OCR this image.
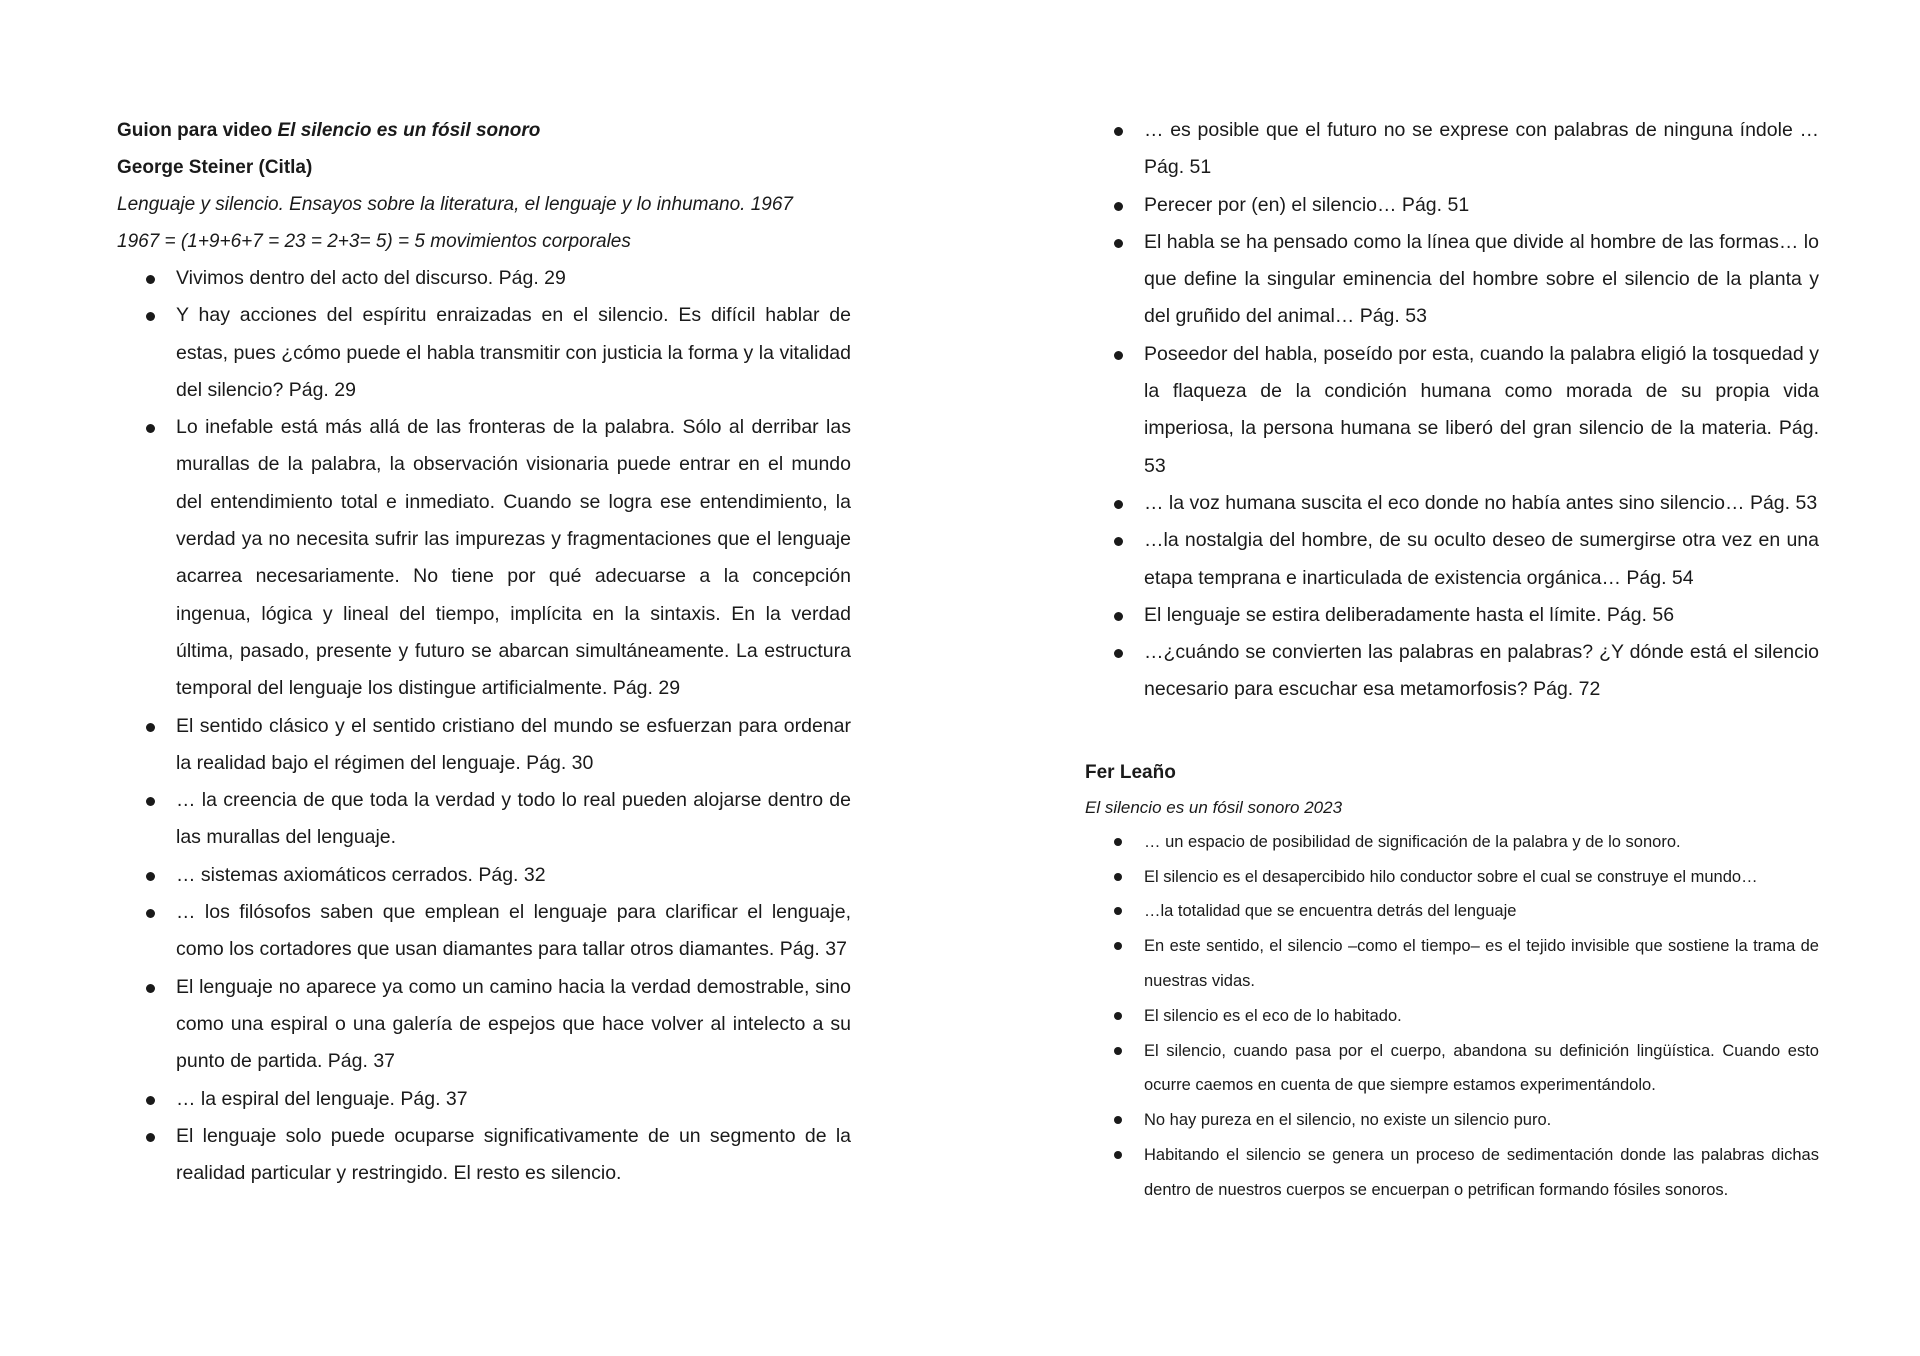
Guion para video El silencio es un fósil sonoro

George Steiner (Citla)

Lenguaje y silencio. Ensayos sobre la literatura, el lenguaje y lo inhumano. 1967

1967 = (1+9+6+7 = 23 = 2+3= 5) = 5 movimientos corporales

Vivimos dentro del acto del discurso. Pág. 29
Y hay acciones del espíritu enraizadas en el silencio. Es difícil hablar de estas, pues ¿cómo puede el habla transmitir con justicia la forma y la vitalidad del silencio? Pág. 29
Lo inefable está más allá de las fronteras de la palabra. Sólo al derribar las murallas de la palabra, la observación visionaria puede entrar en el mundo del entendimiento total e inmediato. Cuando se logra ese entendimiento, la verdad ya no necesita sufrir las impurezas y fragmentaciones que el lenguaje acarrea necesariamente. No tiene por qué adecuarse a la concepción ingenua, lógica y lineal del tiempo, implícita en la sintaxis. En la verdad última, pasado, presente y futuro se abarcan simultáneamente. La estructura temporal del lenguaje los distingue artificialmente. Pág. 29
El sentido clásico y el sentido cristiano del mundo se esfuerzan para ordenar la realidad bajo el régimen del lenguaje. Pág. 30
… la creencia de que toda la verdad y todo lo real pueden alojarse dentro de las murallas del lenguaje.
… sistemas axiomáticos cerrados. Pág. 32
… los filósofos saben que emplean el lenguaje para clarificar el lenguaje, como los cortadores que usan diamantes para tallar otros diamantes. Pág. 37
El lenguaje no aparece ya como un camino hacia la verdad demostrable, sino como una espiral o una galería de espejos que hace volver al intelecto a su punto de partida. Pág. 37
… la espiral del lenguaje. Pág. 37
El lenguaje solo puede ocuparse significativamente de un segmento de la realidad particular y restringido. El resto es silencio.
… es posible que el futuro no se exprese con palabras de ninguna índole … Pág. 51
Perecer por (en) el silencio… Pág. 51
El habla se ha pensado como la línea que divide al hombre de las formas… lo que define la singular eminencia del hombre sobre el silencio de la planta y del gruñido del animal… Pág. 53
Poseedor del habla, poseído por esta, cuando la palabra eligió la tosquedad y la flaqueza de la condición humana como morada de su propia vida imperiosa, la persona humana se liberó del gran silencio de la materia. Pág. 53
… la voz humana suscita el eco donde no había antes sino silencio… Pág. 53
…la nostalgia del hombre, de su oculto deseo de sumergirse otra vez en una etapa temprana e inarticulada de existencia orgánica… Pág. 54
El lenguaje se estira deliberadamente hasta el límite. Pág. 56
…¿cuándo se convierten las palabras en palabras? ¿Y dónde está el silencio necesario para escuchar esa metamorfosis? Pág. 72

Fer Leaño

El silencio es un fósil sonoro 2023

… un espacio de posibilidad de significación de la palabra y de lo sonoro.
El silencio es el desapercibido hilo conductor sobre el cual se construye el mundo…
…la totalidad que se encuentra detrás del lenguaje
En este sentido, el silencio –como el tiempo– es el tejido invisible que sostiene la trama de nuestras vidas.
El silencio es el eco de lo habitado.
El silencio, cuando pasa por el cuerpo, abandona su definición lingüística. Cuando esto ocurre caemos en cuenta de que siempre estamos experimentándolo.
No hay pureza en el silencio, no existe un silencio puro.
Habitando el silencio se genera un proceso de sedimentación donde las palabras dichas dentro de nuestros cuerpos se encuerpan o petrifican formando fósiles sonoros.
